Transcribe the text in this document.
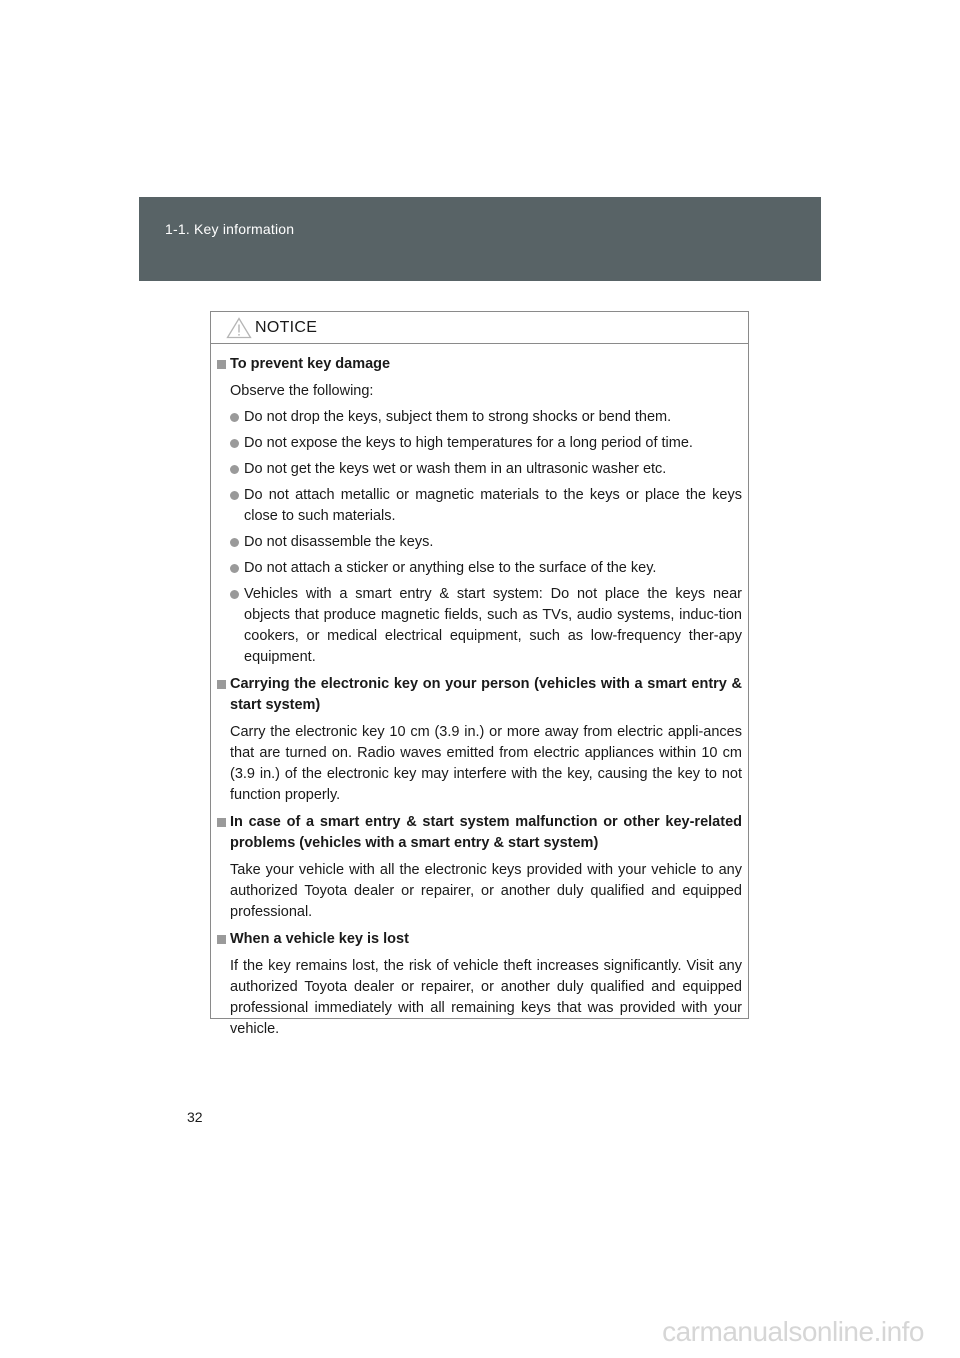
1-1. Key information
NOTICE
To prevent key damage
Observe the following:
Do not drop the keys, subject them to strong shocks or bend them.
Do not expose the keys to high temperatures for a long period of time.
Do not get the keys wet or wash them in an ultrasonic washer etc.
Do not attach metallic or magnetic materials to the keys or place the keys close to such materials.
Do not disassemble the keys.
Do not attach a sticker or anything else to the surface of the key.
Vehicles with a smart entry & start system: Do not place the keys near objects that produce magnetic fields, such as TVs, audio systems, induc-tion cookers, or medical electrical equipment, such as low-frequency ther-apy equipment.
Carrying the electronic key on your person (vehicles with a smart entry & start system)
Carry the electronic key 10 cm (3.9 in.) or more away from electric appli-ances that are turned on. Radio waves emitted from electric appliances within 10 cm (3.9 in.) of the electronic key may interfere with the key, causing the key to not function properly.
In case of a smart entry & start system malfunction or other key-related problems (vehicles with a smart entry & start system)
Take your vehicle with all the electronic keys provided with your vehicle to any authorized Toyota dealer or repairer, or another duly qualified and equipped professional.
When a vehicle key is lost
If the key remains lost, the risk of vehicle theft increases significantly. Visit any authorized Toyota dealer or repairer, or another duly qualified and equipped professional immediately with all remaining keys that was provided with your vehicle.
32
carmanualsonline.info
